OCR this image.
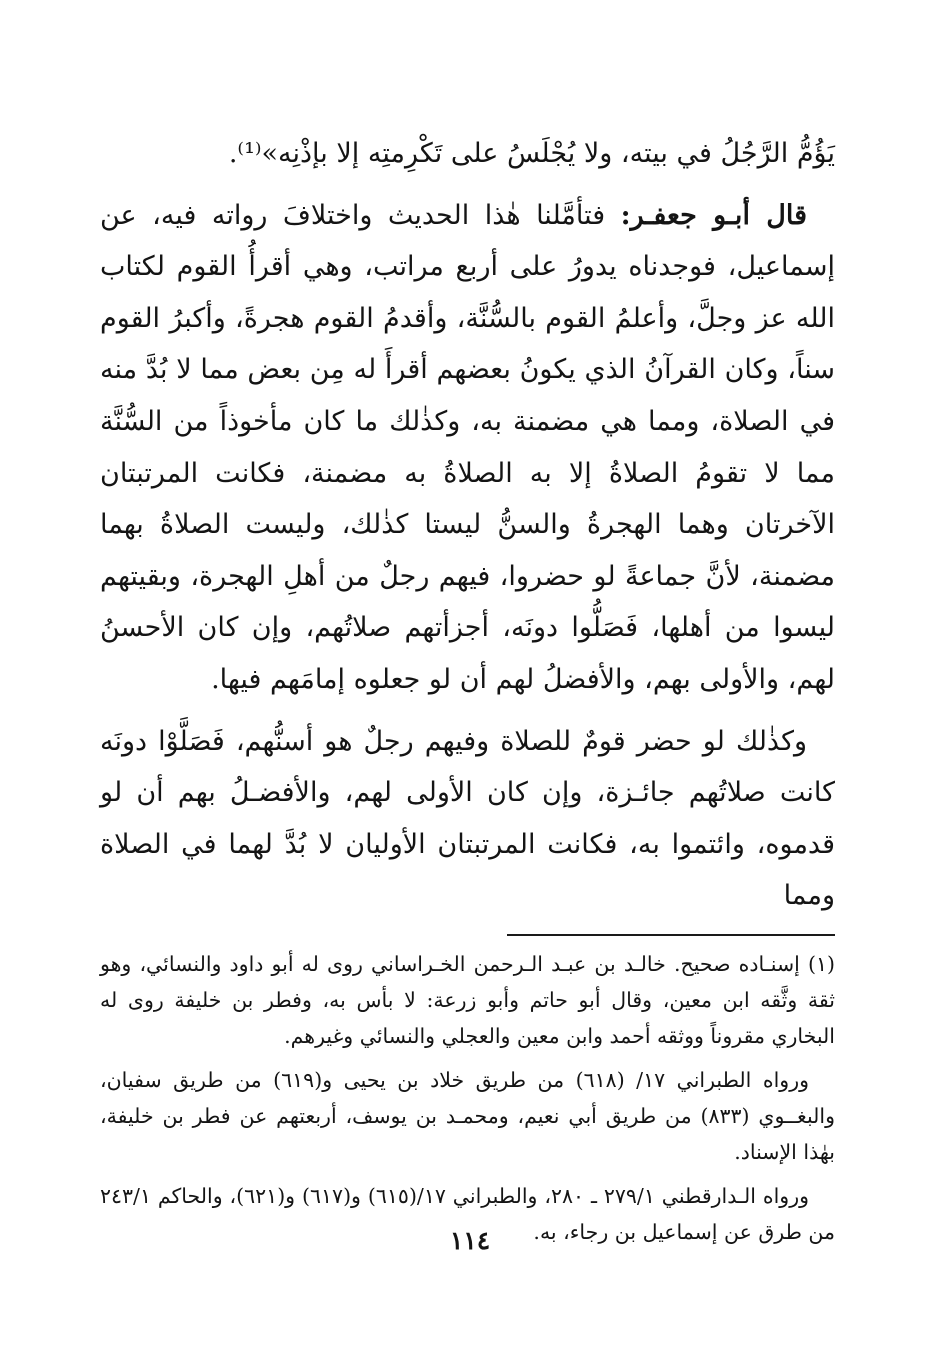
يَؤُمُّ الرَّجُلُ في بيته، ولا يُجْلَسُ على تَكْرِمتِه إلا بإذْنِه»⁽¹⁾.

قال أبـو جعفـر: فتأمَّلنا هٰذا الحديث واختلافَ رواته فيه، عن إسماعيل، فوجدناه يدورُ على أربع مراتب، وهي أقرأُ القوم لكتاب الله عز وجلَّ، وأعلمُ القوم بالسُّنَّة، وأقدمُ القوم هجرةً، وأكبرُ القوم سناً، وكان القرآنُ الذي يكونُ بعضهم أقرأَ له مِن بعض مما لا بُدَّ منه في الصلاة، ومما هي مضمنة به، وكذٰلك ما كان مأخوذاً من السُّنَّة مما لا تقومُ الصلاةُ إلا به الصلاةُ به مضمنة، فكانت المرتبتان الآخرتان وهما الهجرةُ والسنُّ ليستا كذٰلك، وليست الصلاةُ بهما مضمنة، لأنَّ جماعةً لو حضروا، فيهم رجلٌ من أهلِ الهجرة، وبقيتهم ليسوا من أهلها، فَصَلُّوا دونَه، أجزأتهم صلاتُهم، وإن كان الأحسنُ لهم، والأولى بهم، والأفضلُ لهم أن لو جعلوه إمامَهم فيها.

وكذٰلك لو حضر قومٌ للصلاة وفيهم رجلٌ هو أسنُّهم، فَصَلَّوْا دونَه كانت صلاتُهم جائـزة، وإن كان الأولى لهم، والأفضـلُ بهم أن لو قدموه، وائتموا به، فكانت المرتبتان الأوليان لا بُدَّ لهما في الصلاة ومما

(١) إسنـاده صحيح. خالـد بن عبـد الـرحمن الخـراساني روى له أبو داود والنسائي، وهو ثقة وثَّقه ابن معين، وقال أبو حاتم وأبو زرعة: لا بأس به، وفطر بن خليفة روى له البخاري مقروناً ووثقه أحمد وابن معين والعجلي والنسائي وغيرهم.

ورواه الطبراني ١٧/ (٦١٨) من طريق خلاد بن يحيى و(٦١٩) من طريق سفيان، والبغــوي (٨٣٣) من طريق أبي نعيم، ومحمـد بن يوسف، أربعتهم عن فطر بن خليفة، بهٰذا الإسناد.

ورواه الـدارقطني ٢٧٩/١ ـ ٢٨٠، والطبراني ١٧/(٦١٥) و(٦١٧) و(٦٢١)، والحاكم ٢٤٣/١ من طرق عن إسماعيل بن رجاء، به.

١١٤
